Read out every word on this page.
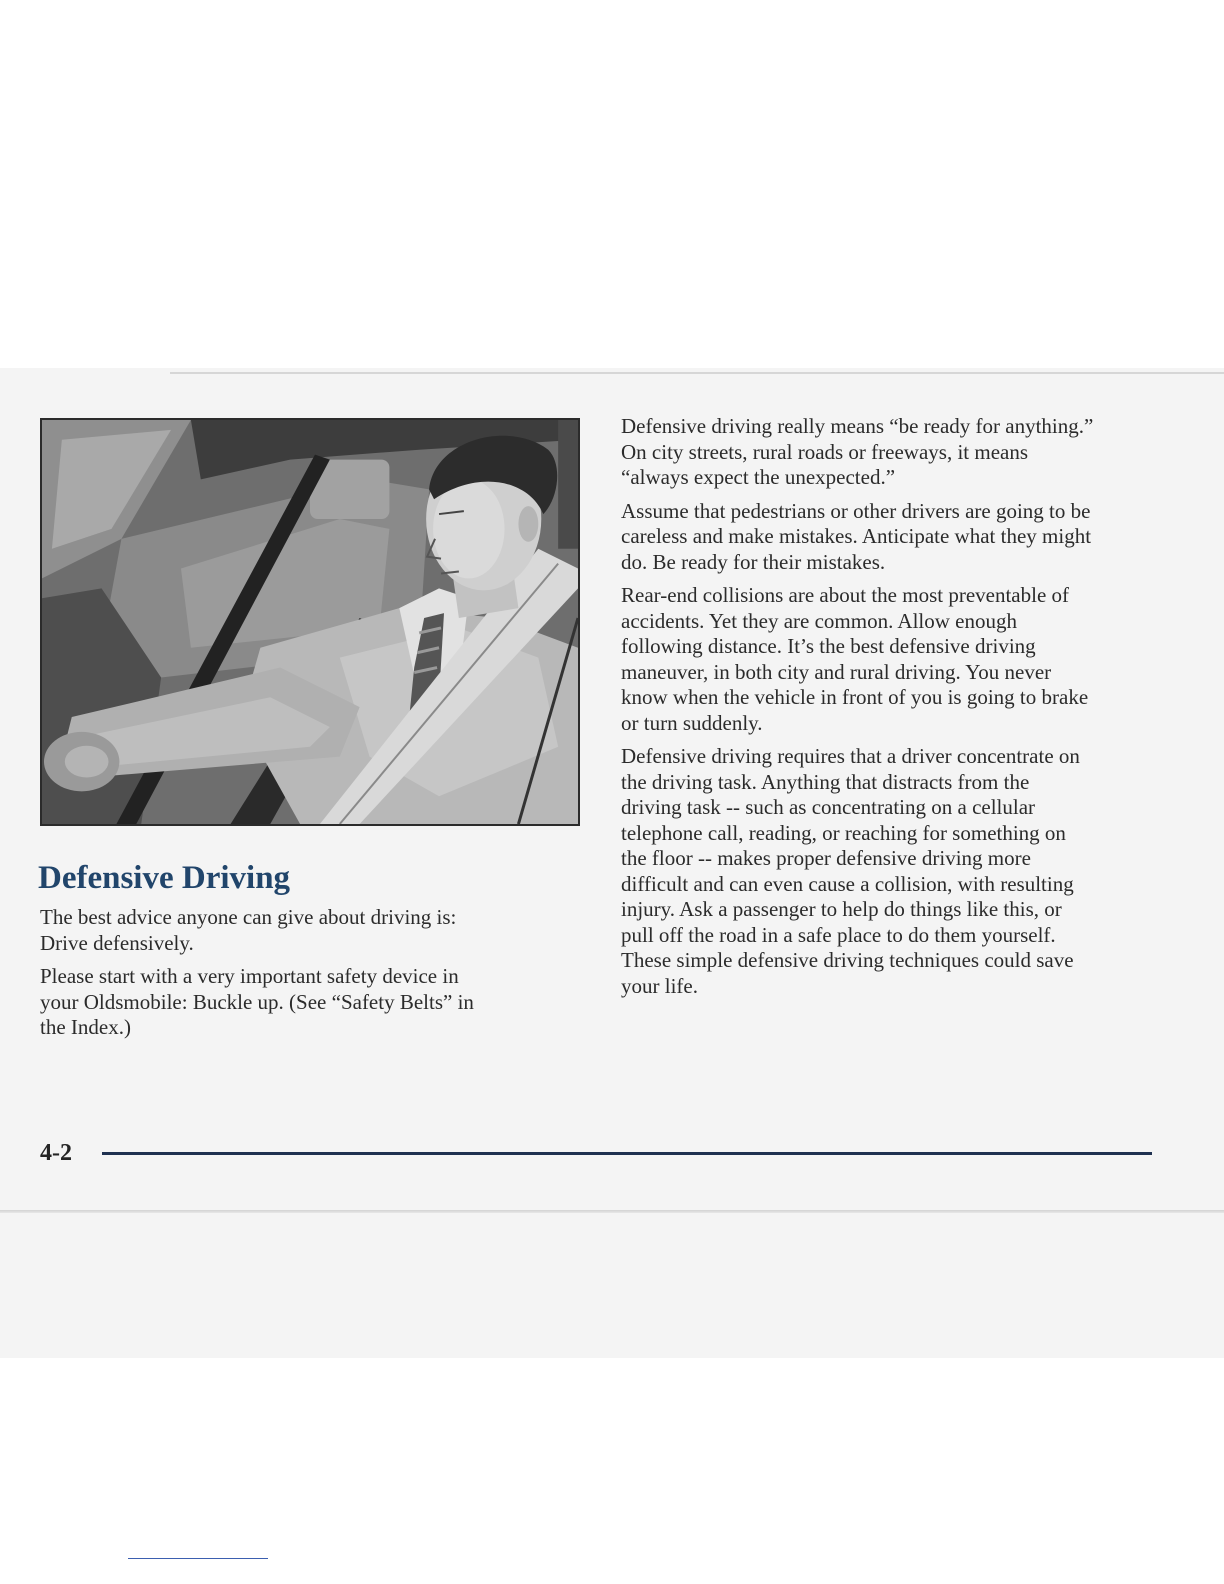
Defensive Driving

The best advice anyone can give about driving is:
Drive defensively.

Please start with a very important safety device in
your Oldsmobile: Buckle up. (See “Safety Belts” in
the Index.)

Defensive driving really means “be ready for anything.”
On city streets, rural roads or freeways, it means
“always expect the unexpected.”

Assume that pedestrians or other drivers are going to be
careless and make mistakes. Anticipate what they might
do. Be ready for their mistakes.

Rear-end collisions are about the most preventable of
accidents. Yet they are common. Allow enough
following distance. It’s the best defensive driving
maneuver, in both city and rural driving. You never
know when the vehicle in front of you is going to brake
or turn suddenly.

Defensive driving requires that a driver concentrate on
the driving task. Anything that distracts from the
driving task -- such as concentrating on a cellular
telephone call, reading, or reaching for something on
the floor -- makes proper defensive driving more
difficult and can even cause a collision, with resulting
injury. Ask a passenger to help do things like this, or
pull off the road in a safe place to do them yourself.
These simple defensive driving techniques could save
your life.

4-2
